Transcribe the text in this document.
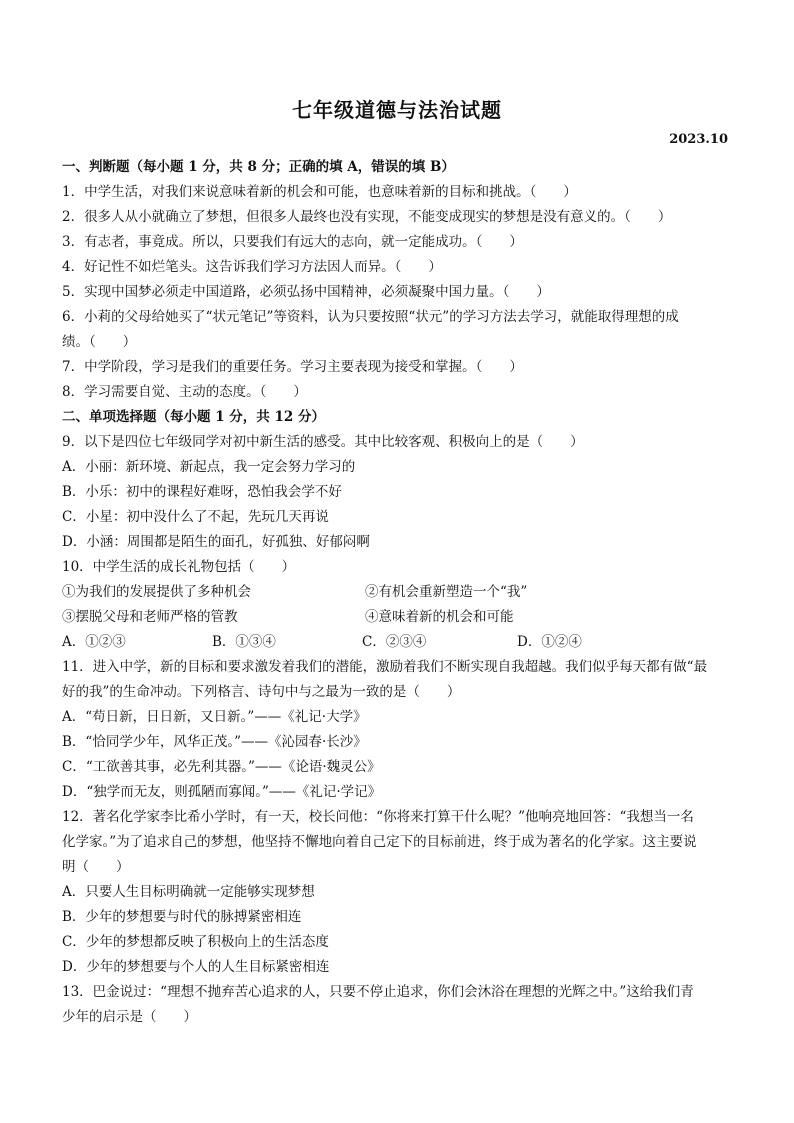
七年级道德与法治试题
2023.10
一、判断题（每小题 1 分，共 8 分；正确的填 A，错误的填 B）
1．中学生活，对我们来说意味着新的机会和可能，也意味着新的目标和挑战。（　　）
2．很多人从小就确立了梦想，但很多人最终也没有实现，不能变成现实的梦想是没有意义的。（　　）
3．有志者，事竟成。所以，只要我们有远大的志向，就一定能成功。（　　）
4．好记性不如烂笔头。这告诉我们学习方法因人而异。（　　）
5．实现中国梦必须走中国道路，必须弘扬中国精神，必须凝聚中国力量。（　　）
6．小莉的父母给她买了“状元笔记”等资料，认为只要按照“状元”的学习方法去学习，就能取得理想的成
绩。（　　）
7．中学阶段，学习是我们的重要任务。学习主要表现为接受和掌握。（　　）
8．学习需要自觉、主动的态度。（　　）
二、单项选择题（每小题 1 分，共 12 分）
9．以下是四位七年级同学对初中新生活的感受。其中比较客观、积极向上的是（　　）
A．小丽：新环境、新起点，我一定会努力学习的
B．小乐：初中的课程好难呀，恐怕我会学不好
C．小星：初中没什么了不起，先玩几天再说
D．小涵：周围都是陌生的面孔，好孤独、好郁闷啊
10．中学生活的成长礼物包括（　　）
①为我们的发展提供了多种机会	②有机会重新塑造一个“我”
③摆脱父母和老师严格的管教	④意味着新的机会和可能
A．①②③	B．①③④	C．②③④	D．①②④
11．进入中学，新的目标和要求激发着我们的潜能，激励着我们不断实现自我超越。我们似乎每天都有做“最
好的我”的生命冲动。下列格言、诗句中与之最为一致的是（　　）
A．“苟日新，日日新，又日新。”——《礼记·大学》
B．“恰同学少年，风华正茂。”——《沁园春·长沙》
C．“工欲善其事，必先利其器。”——《论语·魏灵公》
D．“独学而无友，则孤陋而寡闻。”——《礼记·学记》
12．著名化学家李比希小学时，有一天，校长问他：“你将来打算干什么呢？”他响亮地回答：“我想当一名
化学家。”为了追求自己的梦想，他坚持不懈地向着自己定下的目标前进，终于成为著名的化学家。这主要说
明（　　）
A．只要人生目标明确就一定能够实现梦想
B．少年的梦想要与时代的脉搏紧密相连
C．少年的梦想都反映了积极向上的生活态度
D．少年的梦想要与个人的人生目标紧密相连
13．巴金说过：“理想不抛弃苦心追求的人，只要不停止追求，你们会沐浴在理想的光辉之中。”这给我们青
少年的启示是（　　）
